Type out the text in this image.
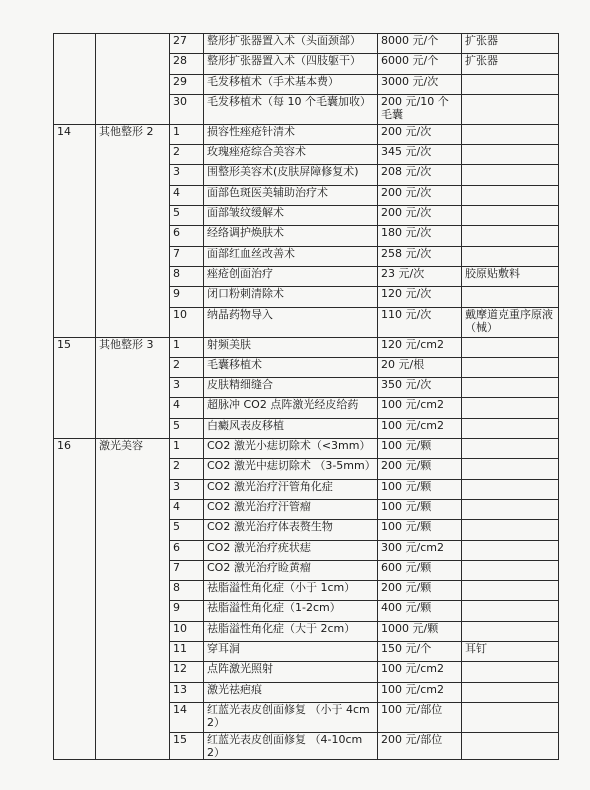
		27	整形扩张器置入术（头面颈部）	8000 元/个	扩张器
		28	整形扩张器置入术（四肢躯干）	6000 元/个	扩张器
		29	毛发移植术（手术基本费）	3000 元/次	
		30	毛发移植术（每 10 个毛囊加收）	200 元/10 个毛囊	
14	其他整形 2	1	损容性痤疮针清术	200 元/次	
		2	玫瑰痤疮综合美容术	345 元/次	
		3	围整形美容术(皮肤屏障修复术)	208 元/次	
		4	面部色斑医美辅助治疗术	200 元/次	
		5	面部皱纹缓解术	200 元/次	
		6	经络调护焕肤术	180 元/次	
		7	面部红血丝改善术	258 元/次	
		8	痤疮创面治疗	23 元/次	胶原贴敷料
		9	闭口粉刺清除术	120 元/次	
		10	纳晶药物导入	110 元/次	戴摩道克重序原液（械）
15	其他整形 3	1	射频美肤	120 元/cm2	
		2	毛囊移植术	20 元/根	
		3	皮肤精细缝合	350 元/次	
		4	超脉冲 CO2 点阵激光经皮给药	100 元/cm2	
		5	白癜风表皮移植	100 元/cm2	
16	激光美容	1	CO2 激光小痣切除术（<3mm）	100 元/颗	
		2	CO2 激光中痣切除术 （3-5mm）	200 元/颗	
		3	CO2 激光治疗汗管角化症	100 元/颗	
		4	CO2 激光治疗汗管瘤	100 元/颗	
		5	CO2 激光治疗体表赘生物	100 元/颗	
		6	CO2 激光治疗疣状痣	300 元/cm2	
		7	CO2 激光治疗睑黄瘤	600 元/颗	
		8	祛脂溢性角化症（小于 1cm）	200 元/颗	
		9	祛脂溢性角化症（1-2cm）	400 元/颗	
		10	祛脂溢性角化症（大于 2cm）	1000 元/颗	
		11	穿耳洞	150 元/个	耳钉
		12	点阵激光照射	100 元/cm2	
		13	激光祛疤痕	100 元/cm2	
		14	红蓝光表皮创面修复 （小于 4cm2）	100 元/部位	
		15	红蓝光表皮创面修复 （4-10cm2）	200 元/部位	
